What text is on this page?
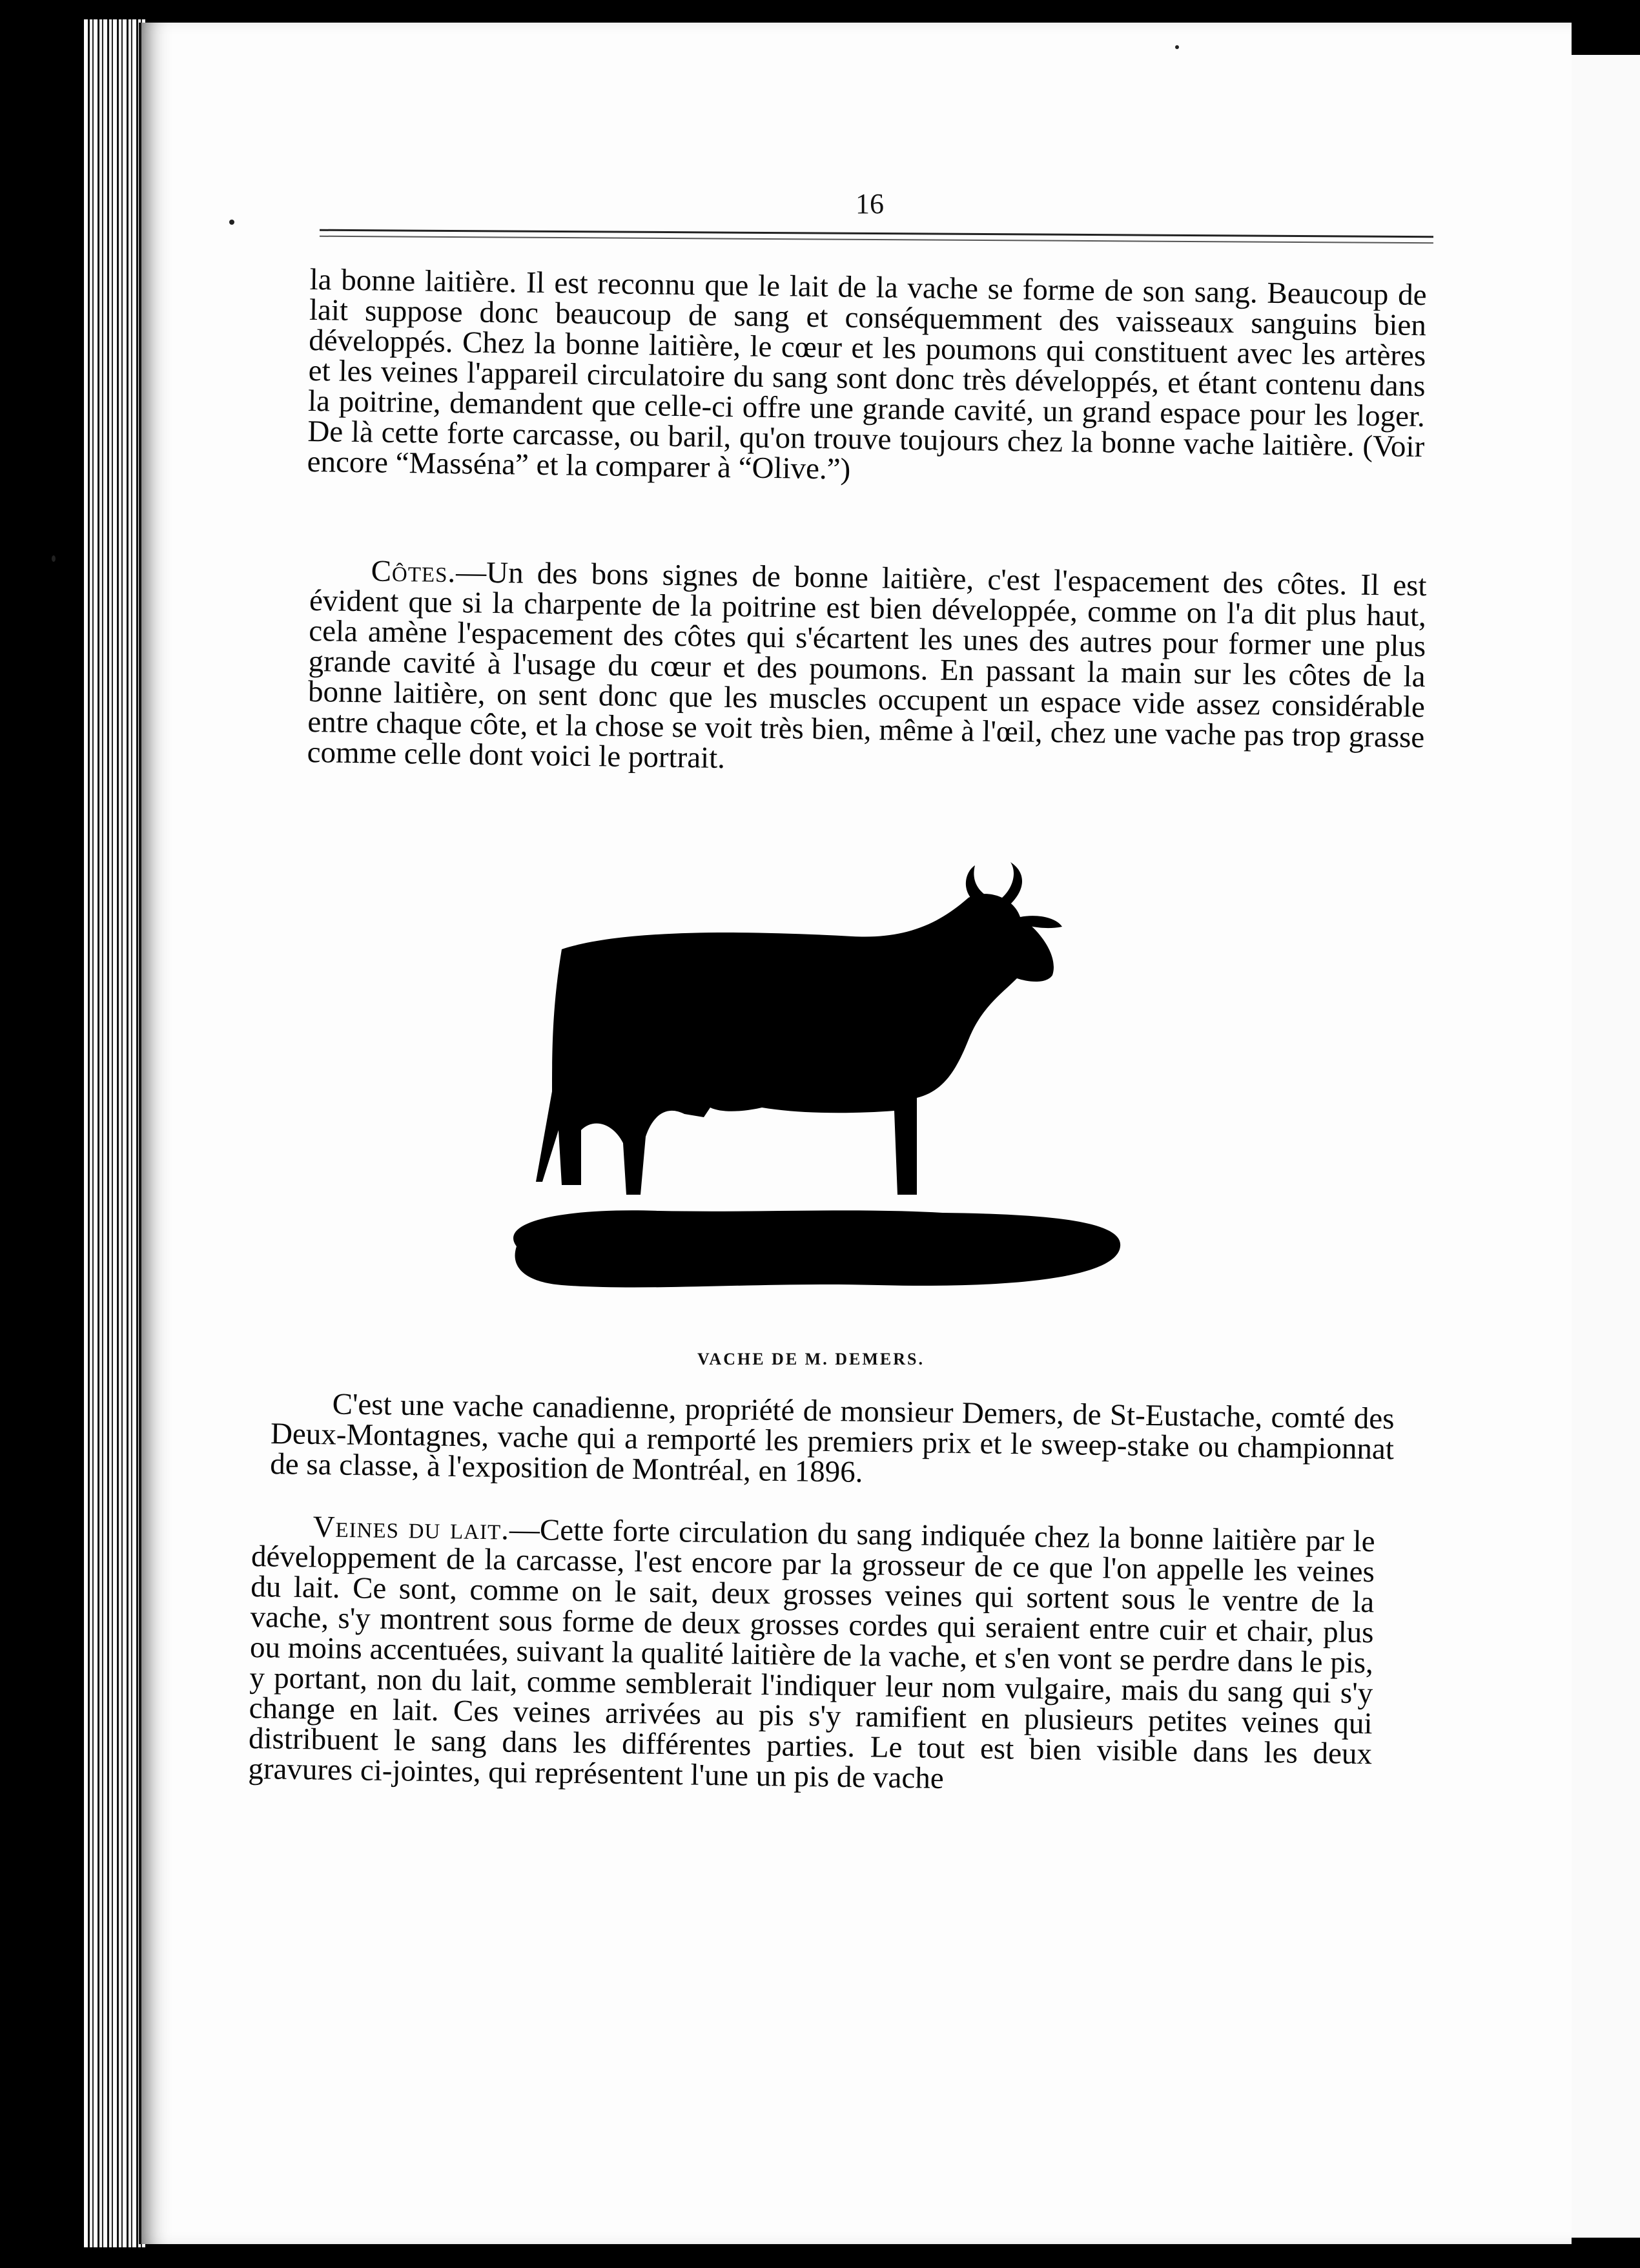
16

la bonne laitière. Il est reconnu que le lait de la vache se forme de son sang. Beaucoup de lait suppose donc beaucoup de sang et conséquemment des vaisseaux sanguins bien développés. Chez la bonne laitière, le cœur et les poumons qui constituent avec les artères et les veines l'appareil circulatoire du sang sont donc très développés, et étant contenu dans la poitrine, demandent que celle-ci offre une grande cavité, un grand espace pour les loger. De là cette forte carcasse, ou baril, qu'on trouve toujours chez la bonne vache laitière. (Voir encore “Masséna” et la comparer à “Olive.”)

Côtes.—Un des bons signes de bonne laitière, c'est l'espacement des côtes. Il est évident que si la charpente de la poitrine est bien développée, comme on l'a dit plus haut, cela amène l'espacement des côtes qui s'écartent les unes des autres pour former une plus grande cavité à l'usage du cœur et des poumons. En passant la main sur les côtes de la bonne laitière, on sent donc que les muscles occupent un espace vide assez considérable entre chaque côte, et la chose se voit très bien, même à l'œil, chez une vache pas trop grasse comme celle dont voici le portrait.

VACHE DE M. DEMERS.

C'est une vache canadienne, propriété de monsieur Demers, de St-Eustache, comté des Deux-Montagnes, vache qui a remporté les premiers prix et le sweep-stake ou championnat de sa classe, à l'exposition de Montréal, en 1896.

Veines du lait.—Cette forte circulation du sang indiquée chez la bonne laitière par le développement de la carcasse, l'est encore par la grosseur de ce que l'on appelle les veines du lait. Ce sont, comme on le sait, deux grosses veines qui sortent sous le ventre de la vache, s'y montrent sous forme de deux grosses cordes qui seraient entre cuir et chair, plus ou moins accentuées, suivant la qualité laitière de la vache, et s'en vont se perdre dans le pis, y portant, non du lait, comme semblerait l'indiquer leur nom vulgaire, mais du sang qui s'y change en lait. Ces veines arrivées au pis s'y ramifient en plusieurs petites veines qui distribuent le sang dans les différentes parties. Le tout est bien visible dans les deux gravures ci-jointes, qui représentent l'une un pis de vache
